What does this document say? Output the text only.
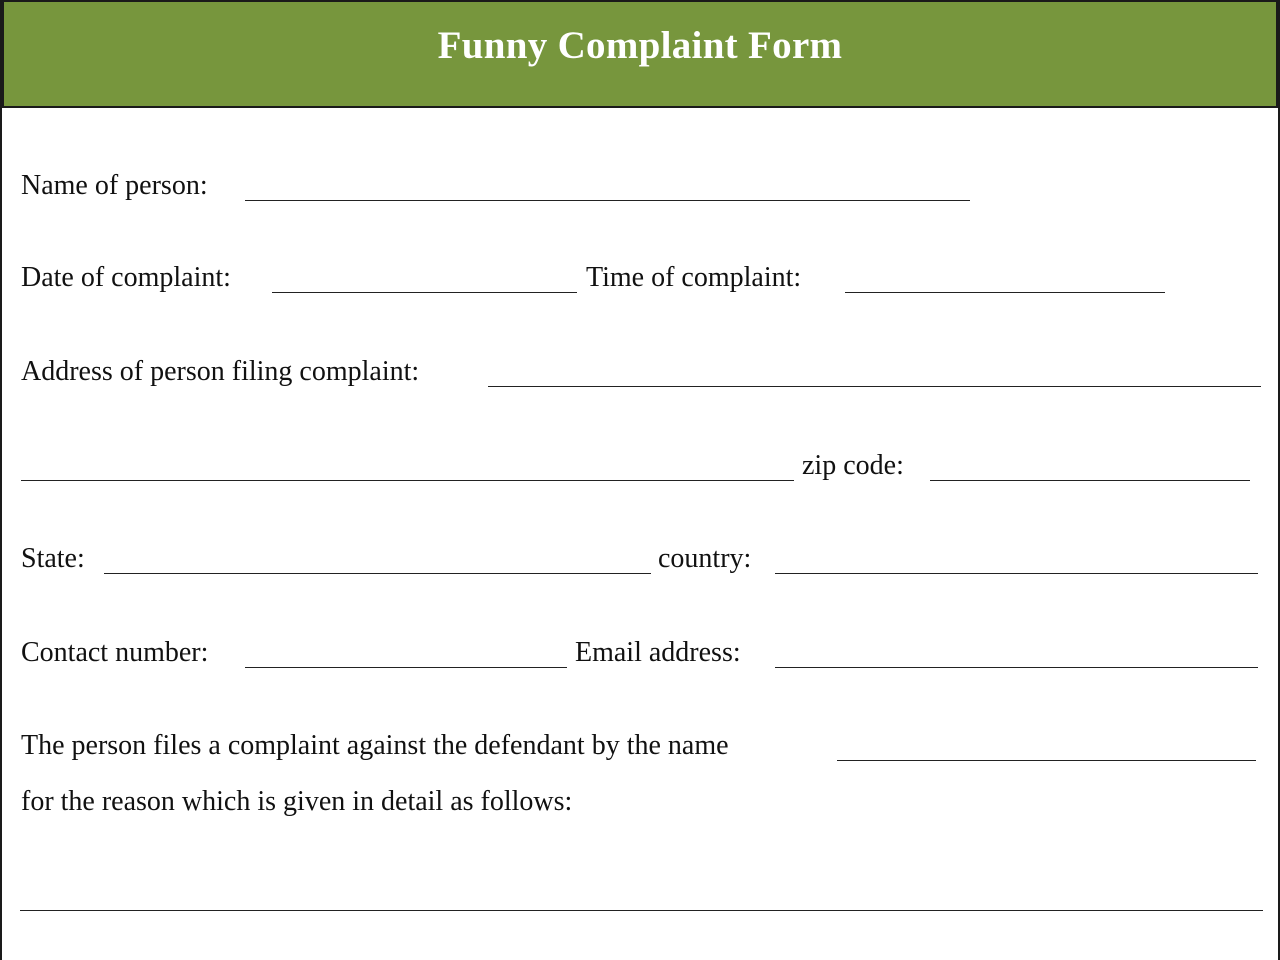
Funny Complaint Form
Name of person:
Date of complaint:	Time of complaint:
Address of person filing complaint:
zip code:
State:	country:
Contact number:	Email address:
The person files a complaint against the defendant by the name
for the reason which is given in detail as follows:
